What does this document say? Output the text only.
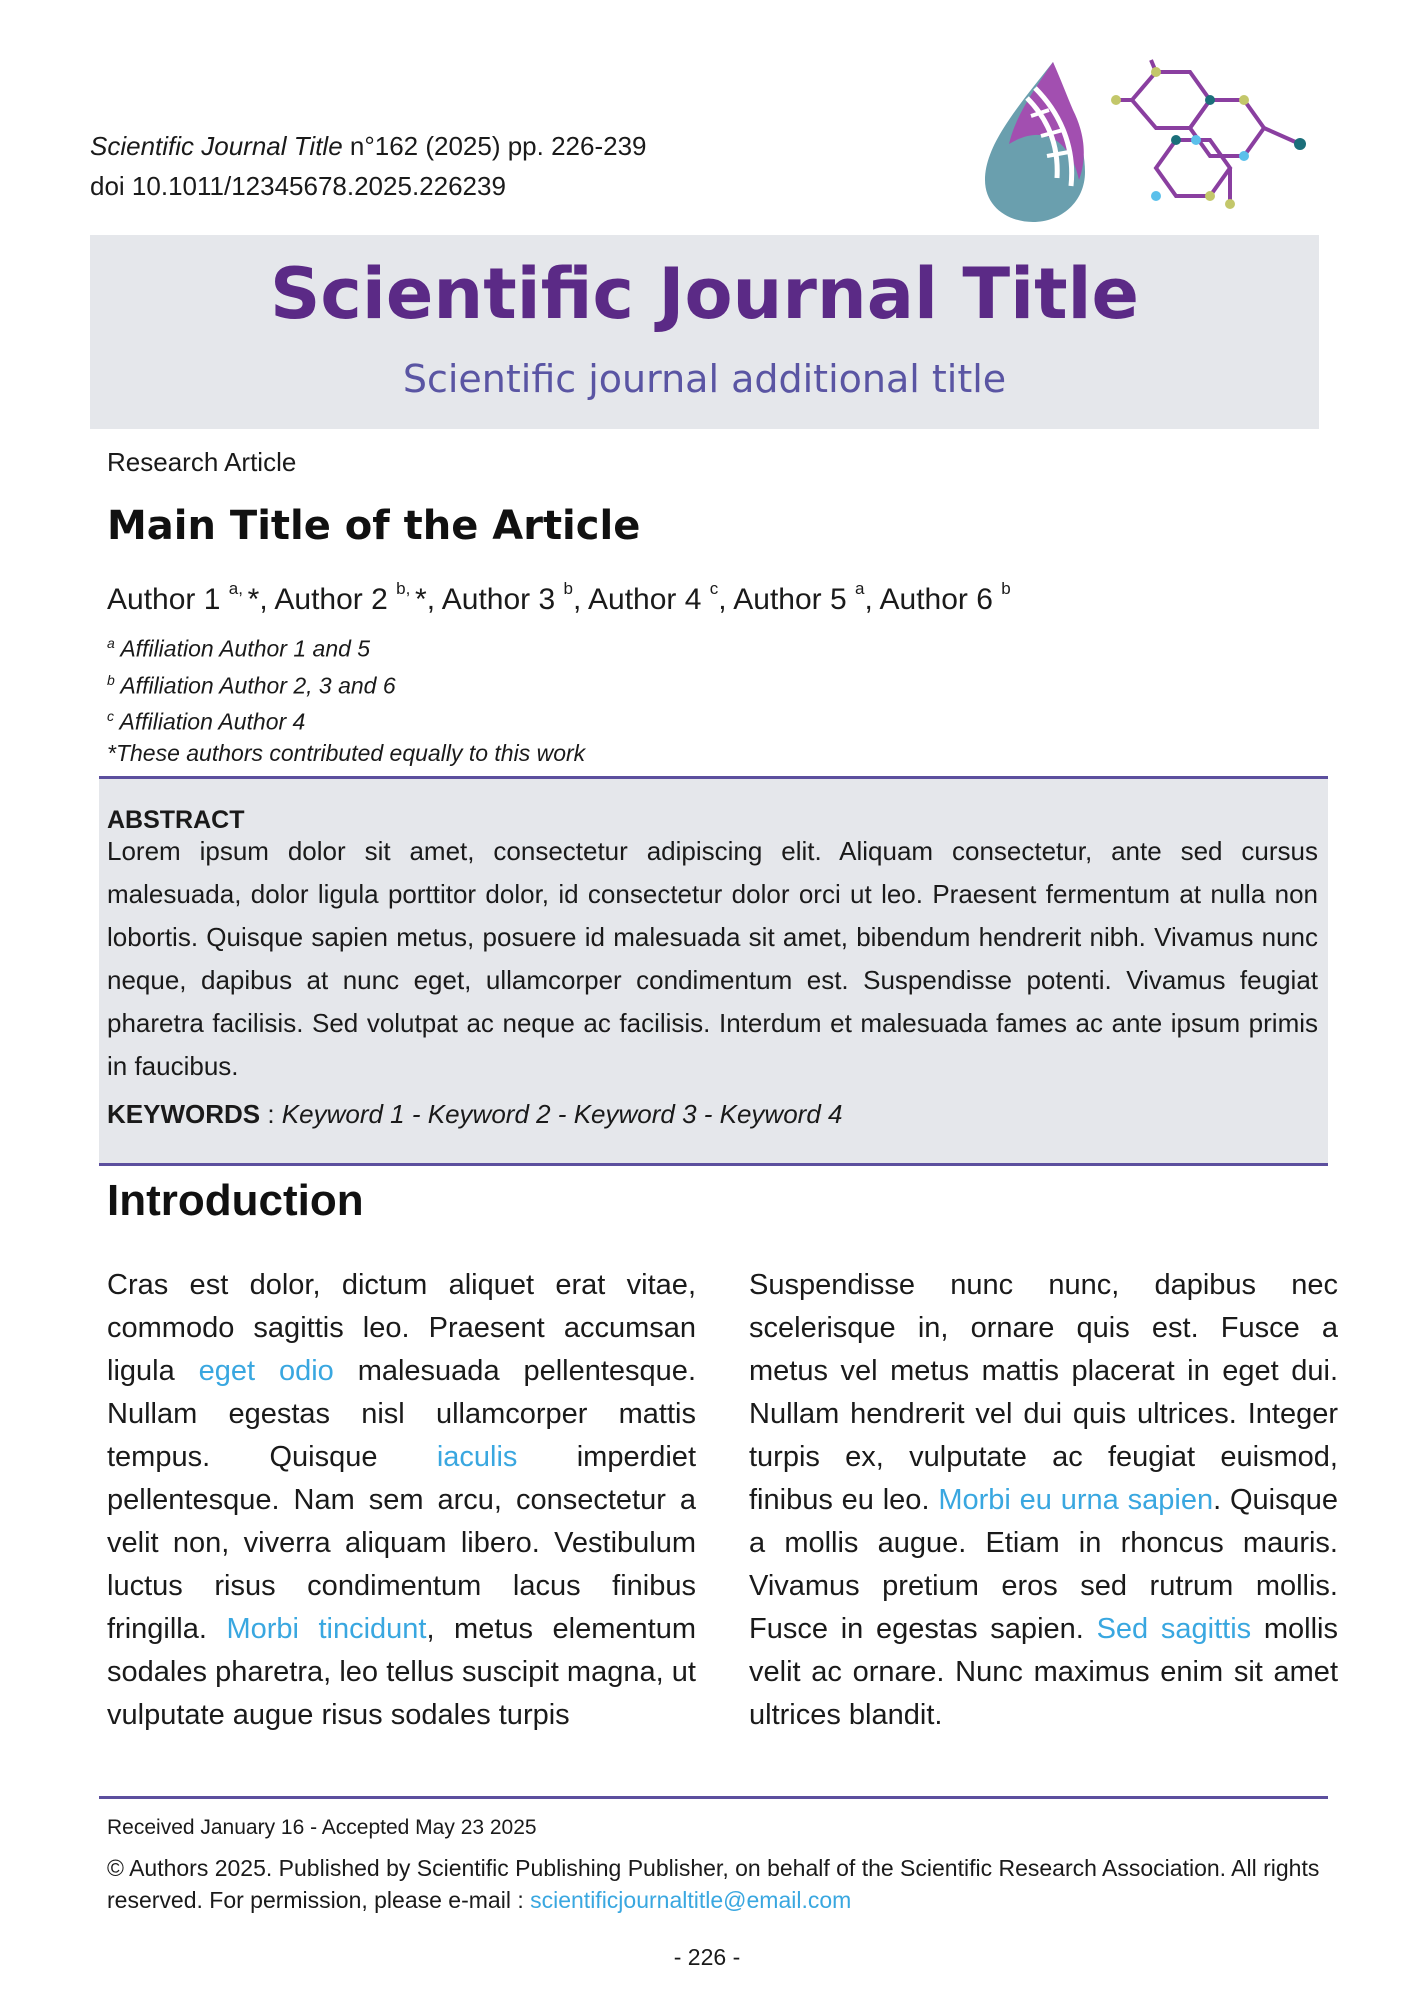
Scientific Journal Title n°162 (2025) pp. 226-239
doi 10.1011/12345678.2025.226239
Scientific Journal Title
Scientific journal additional title
Research Article
Main Title of the Article
Author 1 $^{a,}$ *, Author 2 $^{b,}$ *, Author 3 $^b$, Author 4 $^c$, Author 5 $^a$, Author 6 $^b$
$^a$ Affiliation Author 1 and 5
$^b$ Affiliation Author 2, 3 and 6
$^c$ Affiliation Author 4
*These authors contributed equally to this work
ABSTRACT

Lorem ipsum dolor sit amet, consectetur adipiscing elit. Aliquam consectetur, ante sed cursus malesuada, dolor ligula porttitor dolor, id consectetur dolor orci ut leo. Praesent fermentum at nulla non lobortis. Quisque sapien metus, posuere id malesuada sit amet, bibendum hendrerit nibh. Vivamus nunc neque, dapibus at nunc eget, ullamcorper condimentum est. Suspendisse potenti. Vivamus feugiat pharetra facilisis. Sed volutpat ac neque ac facilisis. Interdum et malesuada fames ac ante ipsum primis in faucibus.

KEYWORDS : Keyword 1 - Keyword 2 - Keyword 3 - Keyword 4
Introduction

Cras est dolor, dictum aliquet erat vitae, commodo sagittis leo. Praesent accumsan ligula eget odio malesuada pellentesque. Nullam egestas nisl ullamcorper mattis tempus. Quisque iaculis imperdiet pellentesque. Nam sem arcu, consectetur a velit non, viverra aliquam libero. Vestibulum luctus risus condimentum lacus finibus fringilla. Morbi tincidunt, metus elementum sodales pharetra, leo tellus suscipit magna, ut vulputate augue risus sodales turpis

Suspendisse nunc nunc, dapibus nec scelerisque in, ornare quis est. Fusce a metus vel metus mattis placerat in eget dui. Nullam hendrerit vel dui quis ultrices. Integer turpis ex, vulputate ac feugiat euismod, finibus eu leo. Morbi eu urna sapien. Quisque a mollis augue. Etiam in rhoncus mauris. Vivamus pretium eros sed rutrum mollis. Fusce in egestas sapien. Sed sagittis mollis velit ac ornare. Nunc maximus enim sit amet ultrices blandit.

Received January 16 - Accepted May 23 2025

© Authors 2025. Published by Scientific Publishing Publisher, on behalf of the Scientific Research Association. All rights reserved. For permission, please e-mail : scientificjournaltitle@email.com

- 226 -
